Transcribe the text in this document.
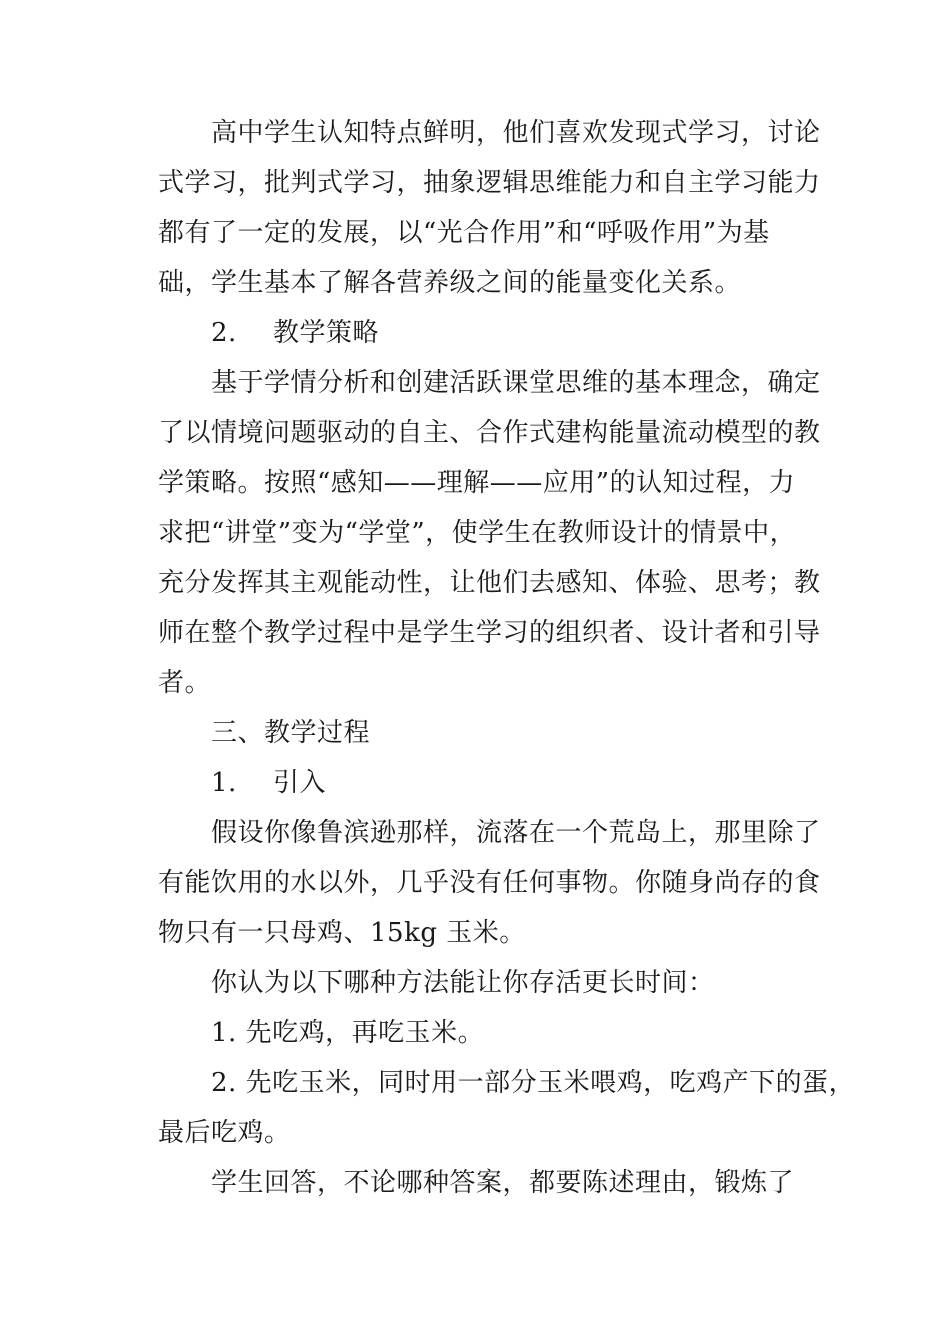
高中学生认知特点鲜明，他们喜欢发现式学习，讨论
式学习，批判式学习，抽象逻辑思维能力和自主学习能力
都有了一定的发展，以“光合作用”和“呼吸作用”为基
础，学生基本了解各营养级之间的能量变化关系。
2. 教学策略
基于学情分析和创建活跃课堂思维的基本理念，确定
了以情境问题驱动的自主、合作式建构能量流动模型的教
学策略。按照“感知——理解——应用”的认知过程，力
求把“讲堂”变为“学堂”，使学生在教师设计的情景中，
充分发挥其主观能动性，让他们去感知、体验、思考；教
师在整个教学过程中是学生学习的组织者、设计者和引导
者。
三、教学过程
1. 引入
假设你像鲁滨逊那样，流落在一个荒岛上，那里除了
有能饮用的水以外，几乎没有任何事物。你随身尚存的食
物只有一只母鸡、15kg 玉米。
你认为以下哪种方法能让你存活更长时间：
1. 先吃鸡，再吃玉米。
2. 先吃玉米，同时用一部分玉米喂鸡，吃鸡产下的蛋，
最后吃鸡。
学生回答，不论哪种答案，都要陈述理由，锻炼了
